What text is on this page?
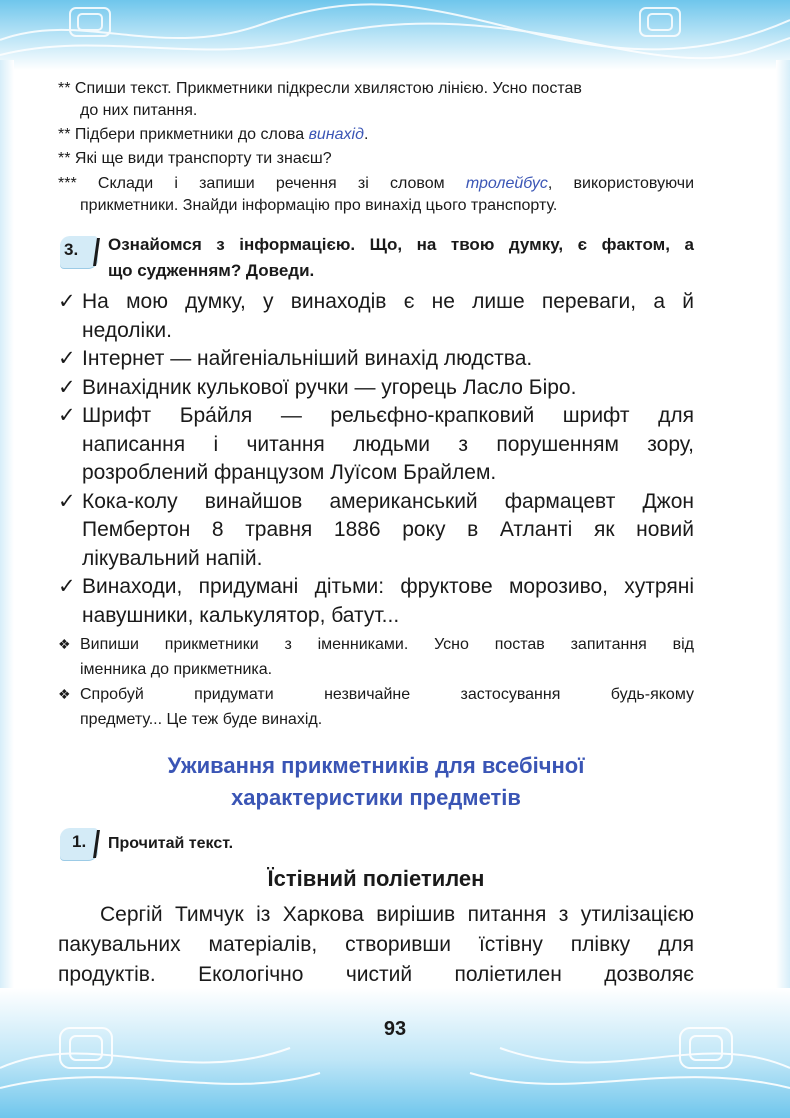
** Спиши текст. Прикметники підкресли хвилястою лінією. Усно постав
до них питання.
** Підбери прикметники до слова винахід.
** Які ще види транспорту ти знаєш?
*** Склади і запиши речення зі словом тролейбус, використовуючи
прикметники. Знайди інформацію про винахід цього транспорту.
3. Ознайомся з інформацією. Що, на твою думку, є фактом, а
що судженням? Доведи.
✓ На мою думку, у винаходів є не лише переваги, а й
недоліки.
✓ Інтернет — найгеніальніший винахід людства.
✓ Винахідник кулькової ручки — угорець Ласло Біро.
✓ Шрифт Бра́йля — рельєфно-крапковий шрифт для
написання і читання людьми з порушенням зору,
розроблений французом Луїсом Брайлем.
✓ Кока-колу винайшов американський фармацевт Джон
Пембертон 8 травня 1886 року в Атланті як новий
лікувальний напій.
✓ Винаходи, придумані дітьми: фруктове морозиво, хутряні
навушники, калькулятор, батут...
❖ Випиши прикметники з іменниками. Усно постав запитання від
іменника до прикметника.
❖ Спробуй придумати незвичайне застосування будь-якому
предмету... Це теж буде винахід.
Уживання прикметників для всебічної
характеристики предметів
1. Прочитай текст.
Їстівний поліетилен
Сергій Тимчук із Харкова вирішив питання з утилізацією
пакувальних матеріалів, створивши їстівну плівку для
продуктів. Екологічно чистий поліетилен дозволяє
93
